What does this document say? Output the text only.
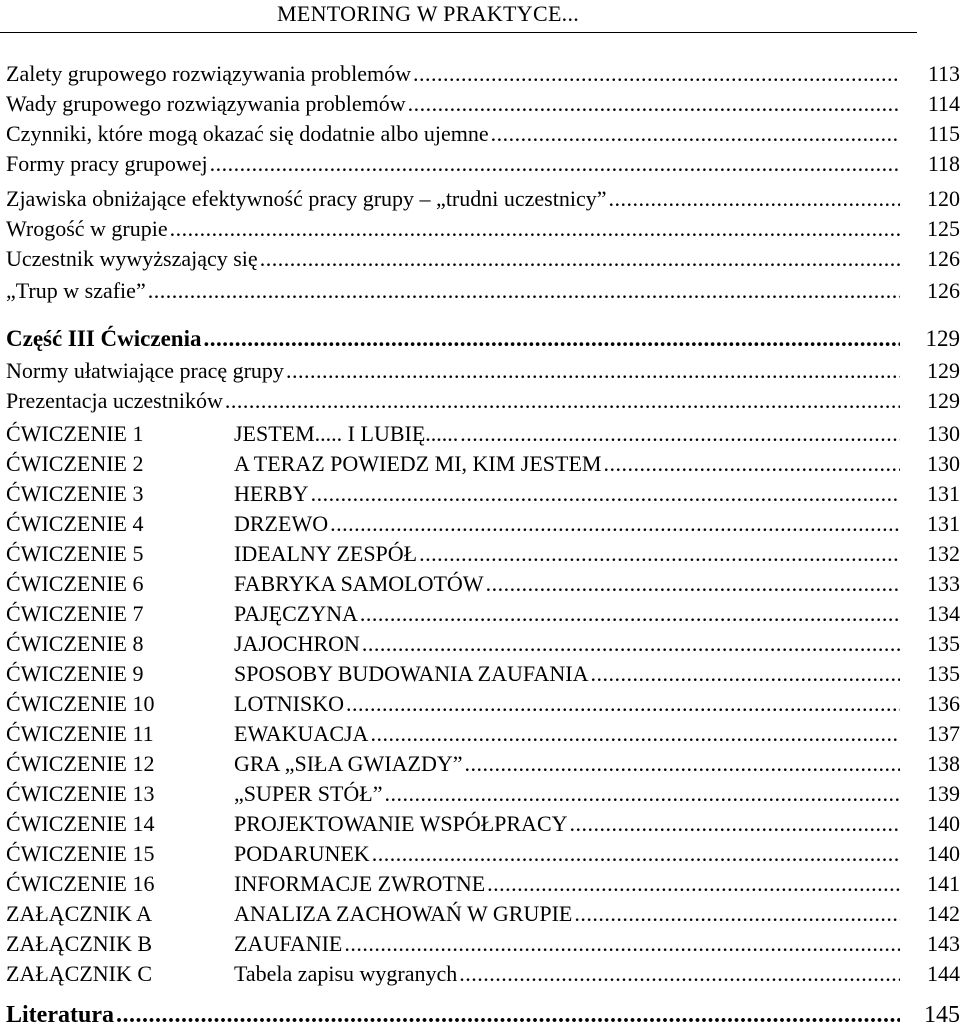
MENTORING W PRAKTYCE...
Zalety grupowego rozwiązywania problemów .....	113
Wady grupowego rozwiązywania problemów .....	114
Czynniki, które mogą okazać się dodatnie albo ujemne .....	115
Formy pracy grupowej .....	118
Zjawiska obniżające efektywność pracy grupy – „trudni uczestnicy” .....	120
Wrogość w grupie .....	125
Uczestnik wywyższający się .....	126
„Trup w szafie” .....	126
Część III Ćwiczenia .....	129
Normy ułatwiające pracę grupy .....	129
Prezentacja uczestników .....	129
ĆWICZENIE 1	JESTEM..... I LUBIĘ...... .....	130
ĆWICZENIE 2	A TERAZ POWIEDZ MI, KIM JESTEM .....	130
ĆWICZENIE 3	HERBY .....	131
ĆWICZENIE 4	DRZEWO .....	131
ĆWICZENIE 5	IDEALNY ZESPÓŁ .....	132
ĆWICZENIE 6	FABRYKA SAMOLOTÓW .....	133
ĆWICZENIE 7	PAJĘCZYNA .....	134
ĆWICZENIE 8	JAJOCHRON .....	135
ĆWICZENIE 9	SPOSOBY BUDOWANIA ZAUFANIA .....	135
ĆWICZENIE 10	LOTNISKO .....	136
ĆWICZENIE 11	EWAKUACJA .....	137
ĆWICZENIE 12	GRA „SIŁA GWIAZDY” .....	138
ĆWICZENIE 13	„SUPER STÓŁ” .....	139
ĆWICZENIE 14	PROJEKTOWANIE WSPÓŁPRACY .....	140
ĆWICZENIE 15	PODARUNEK .....	140
ĆWICZENIE 16	INFORMACJE ZWROTNE .....	141
ZAŁĄCZNIK A	ANALIZA ZACHOWAŃ W GRUPIE .....	142
ZAŁĄCZNIK B	ZAUFANIE .....	143
ZAŁĄCZNIK C	Tabela zapisu wygranych .....	144
Literatura .....	145
